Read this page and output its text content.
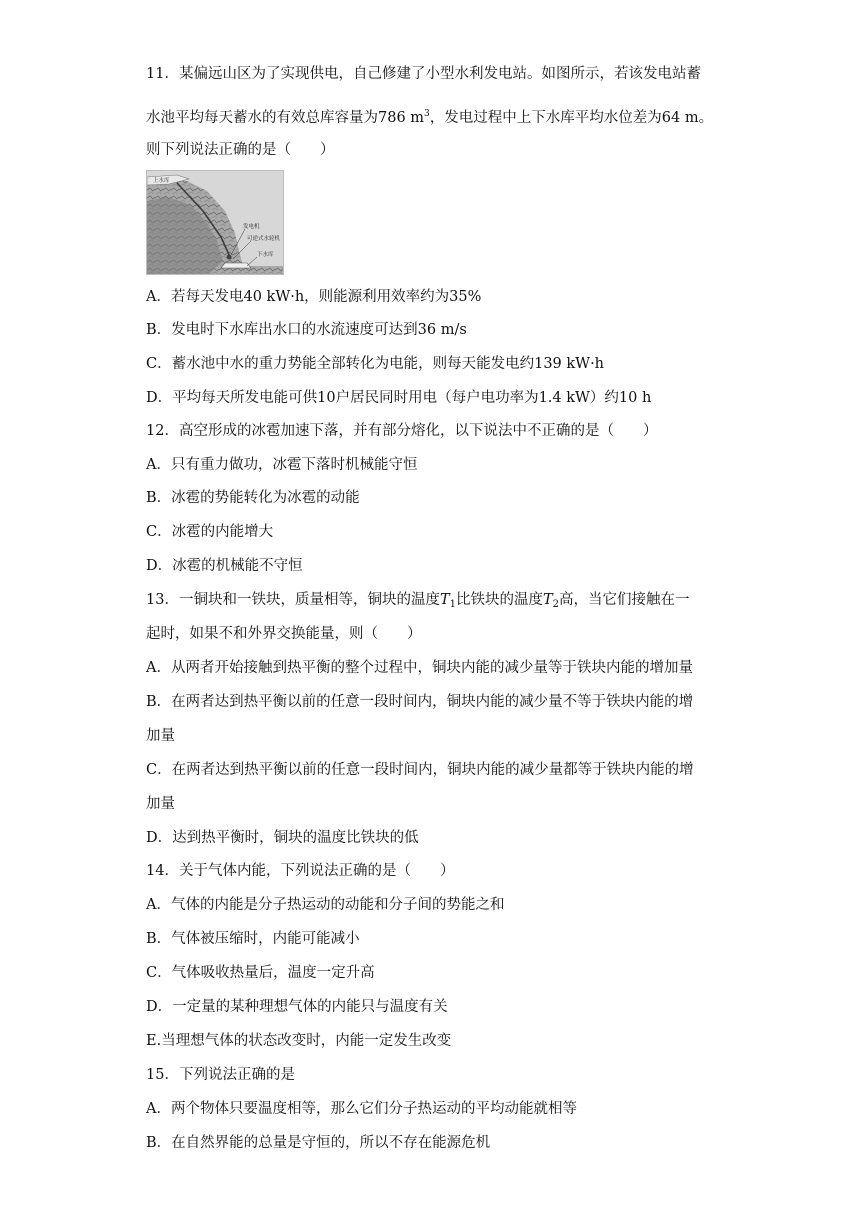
11．某偏远山区为了实现供电，自己修建了小型水利发电站。如图所示，若该发电站蓄
水池平均每天蓄水的有效总库容量为786 $m^3$，发电过程中上下水库平均水位差为64 m。
则下列说法正确的是（　　）
上水库
发电机
可逆式水轮机
下水库
A．若每天发电40 kW·h，则能源利用效率约为35%
B．发电时下水库出水口的水流速度可达到36 m/s
C．蓄水池中水的重力势能全部转化为电能，则每天能发电约139 kW·h
D．平均每天所发电能可供10户居民同时用电（每户电功率为1.4 kW）约10 h
12．高空形成的冰雹加速下落，并有部分熔化，以下说法中不正确的是（　　）
A．只有重力做功，冰雹下落时机械能守恒
B．冰雹的势能转化为冰雹的动能
C．冰雹的内能增大
D．冰雹的机械能不守恒
13．一铜块和一铁块，质量相等，铜块的温度$T_1$比铁块的温度$T_2$高，当它们接触在一
起时，如果不和外界交换能量，则（　　）
A．从两者开始接触到热平衡的整个过程中，铜块内能的减少量等于铁块内能的增加量
B．在两者达到热平衡以前的任意一段时间内，铜块内能的减少量不等于铁块内能的增
加量
C．在两者达到热平衡以前的任意一段时间内，铜块内能的减少量都等于铁块内能的增
加量
D．达到热平衡时，铜块的温度比铁块的低
14．关于气体内能，下列说法正确的是（　　）
A．气体的内能是分子热运动的动能和分子间的势能之和
B．气体被压缩时，内能可能减小
C．气体吸收热量后，温度一定升高
D．一定量的某种理想气体的内能只与温度有关
E.当理想气体的状态改变时，内能一定发生改变
15．下列说法正确的是
A．两个物体只要温度相等，那么它们分子热运动的平均动能就相等
B．在自然界能的总量是守恒的，所以不存在能源危机
